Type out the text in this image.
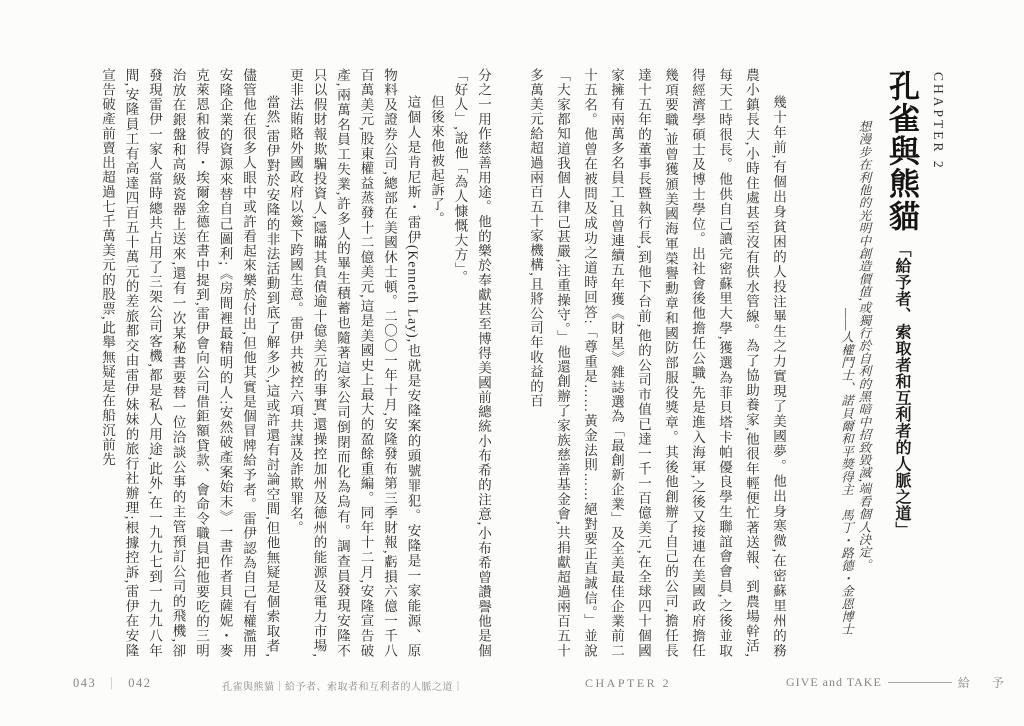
分之一用作慈善用途。他的樂於奉獻甚至博得美國前總統小布希的注意,小布希曾讚譽他是個「好人」,說他「為人慷慨大方」。

但後來他被起訴了。

這個人是肯尼斯・雷伊(Kenneth Lay),也就是安隆案的頭號罪犯。安隆是一家能源、原物料及證券公司,總部在美國休士頓。二〇〇一年十月,安隆發布第三季財報,虧損六億一千八百萬美元,股東權益蒸發十二億美元,這是美國史上最大的盈餘重編。同年十二月,安隆宣告破產,兩萬名員工失業,許多人的畢生積蓄也隨著這家公司倒閉而化為烏有。調查員發現安隆不只以假財報欺騙投資人,隱瞞其負債逾十億美元的事實,還操控加州及德州的能源及電力市場,更非法賄賂外國政府以簽下跨國生意。雷伊共被控六項共謀及詐欺罪名。

當然,雷伊對於安隆的非法活動到底了解多少,這或許還有討論空間,但他無疑是個索取者,儘管他在很多人眼中或許看起來樂於付出,但他其實是個冒牌給予者。雷伊認為自己有權濫用安隆企業的資源來替自己圖利;《房間裡最精明的人:安然破產案始末》一書作者貝薩妮・麥克萊恩和彼得・埃爾金德在書中提到,雷伊會向公司借鉅額貸款、會命令職員把他要吃的三明治放在銀盤和高級瓷器上送來,還有一次某秘書要替一位洽談公事的主管預訂公司的飛機,卻發現雷伊一家人當時總共占用了三架公司客機,都是私人用途,此外,在一九九七到一九九八年間,安隆員工有高達四百五十萬元的差旅都交由雷伊妹妹的旅行社辦理;根據控訴,雷伊在安隆宣告破產前賣出超過七千萬美元的股票,此舉無疑是在船沉前先

043 ｜ 042	孔雀與熊貓｜給予者、索取者和互利者的人脈之道｜
CHAPTER 2
孔雀與熊貓「給予者、索取者和互利者的人脈之道」
想漫步在利他的光明中創造價值,或獨行於自利的黑暗中招致毀滅,端看個人決定。
——人權鬥士、諾貝爾和平獎得主　馬丁・路德・金恩博士

幾十年前,有個出身貧困的人投注畢生之力實現了美國夢。他出身寒微,在密蘇里州的務農小鎮長大,小時住處甚至沒有供水管線。為了協助養家,他很年輕便忙著送報、到農場幹活,每天工時很長。他供自己讀完密蘇里大學,獲選為菲貝塔卡帕優良學生聯誼會會員,之後並取得經濟學碩士及博士學位。出社會後他擔任公職,先是進入海軍,之後又接連在美國政府擔任幾項要職,並曾獲頒美國海軍榮譽勳章和國防部服役獎章。其後他創辦了自己的公司,擔任長達十五年的董事長暨執行長,到他下台前,他的公司市值已達一千一百億美元,在全球四十個國家擁有兩萬多名員工,且曾連續五年獲《財星》雜誌選為「最創新企業」及全美最佳企業前二十五名。他曾在被問及成功之道時回答:「尊重是……黃金法則……絕對要正直誠信。」並說「大家都知道我個人律己甚嚴,注重操守。」他還創辦了家族慈善基金會,共捐獻超過兩百五十多萬美元給超過兩百五十家機構,且將公司年收益的百

CHAPTER 2	GIVE and TAKE	給　予
